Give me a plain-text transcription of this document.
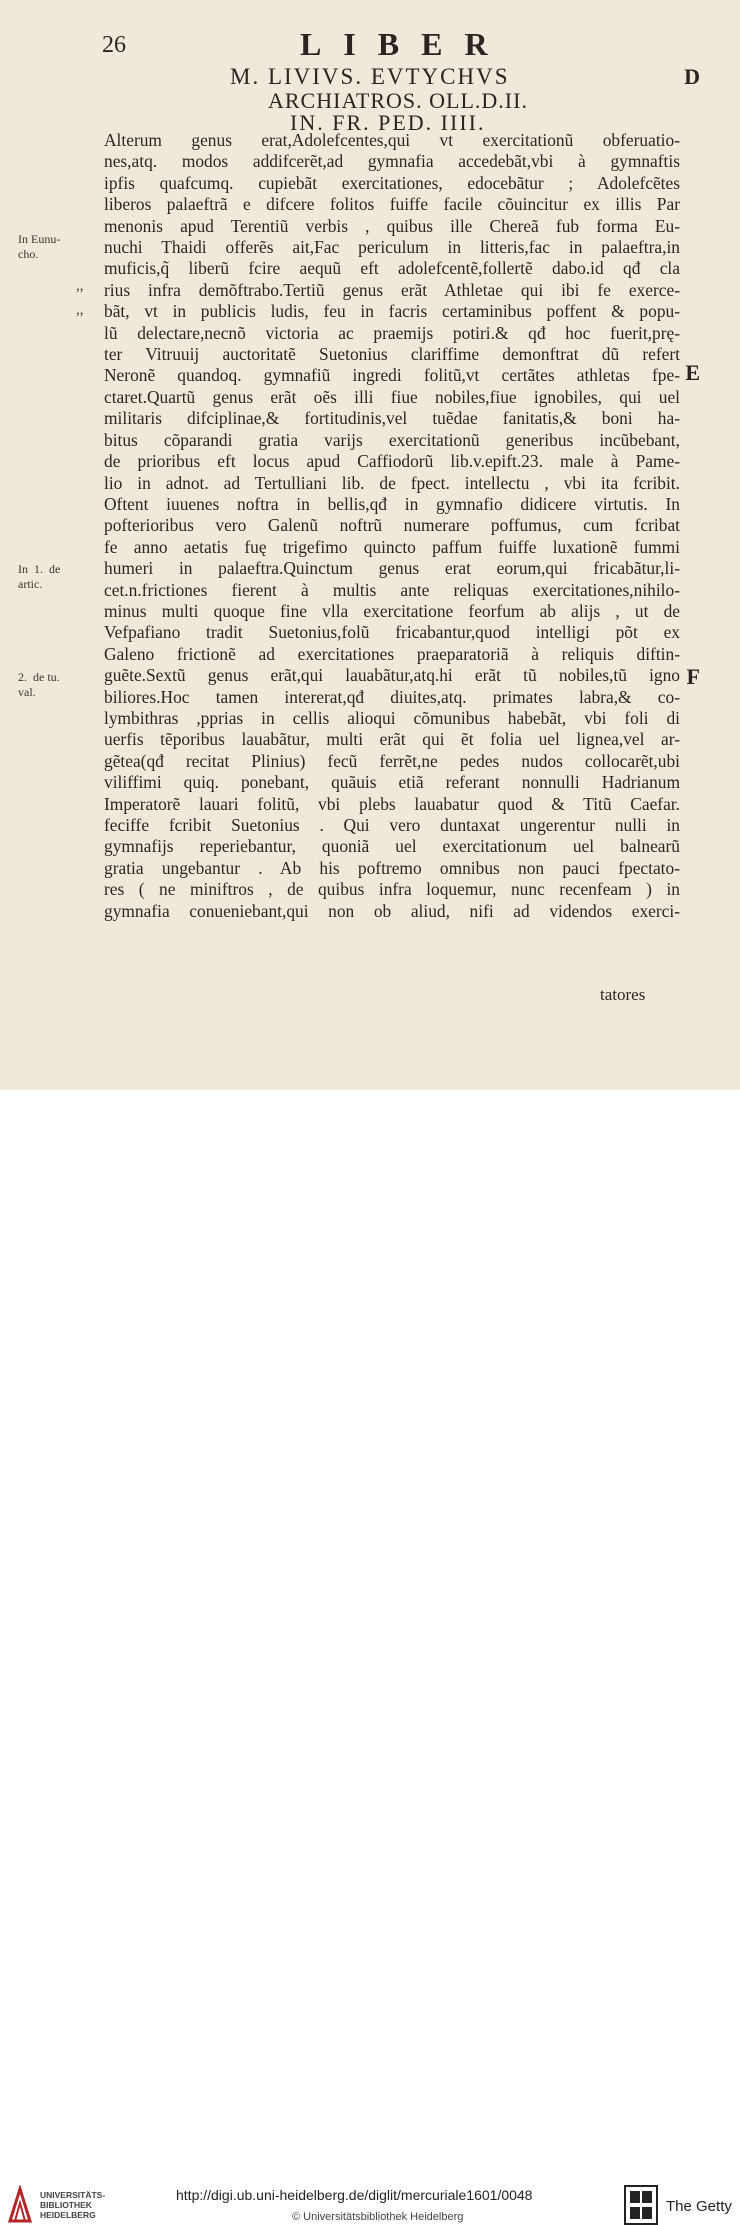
26	LIBER
M. LIVIVS. EVTYCHVS
ARCHIATROS. OLL.D.II.
IN. FR. PED. IIII.
D
E
F
In Eunu-
cho.
In  1.  de
artic.
2.  de tu.
val.
,,
,,
Alterum genus erat,Adolefcentes,qui vt exercitationũ obferuatio-
nes,atq. modos addifcerẽt,ad gymnafia accedebãt,vbi à gymnaftis
ipfis quafcumq. cupiebãt exercitationes, edocebãtur ; Adolefcẽtes
liberos palaeftrã e difcere folitos fuiffe facile cõuincitur ex illis Par
menonis apud Terentiũ verbis , quibus ille Chereã fub forma Eu-
nuchi Thaidi offerẽs ait,Fac periculum in litteris,fac in palaeftra,in
muficis,q̃ liberũ fcire aequũ eft adolefcentẽ,follertẽ dabo.id qđ cla
rius infra demõftrabo.Tertiũ genus erãt Athletae qui ibi fe exerce-
bãt, vt in publicis ludis, feu in facris certaminibus poffent & popu-
lũ delectare,necnõ victoria ac praemijs potiri.& qđ hoc fuerit,prę-
ter Vitruuij auctoritatẽ Suetonius clariffime demonftrat dũ refert
Neronẽ quandoq. gymnafiũ ingredi folitũ,vt certãtes athletas fpe-
ctaret.Quartũ genus erãt oẽs illi fiue nobiles,fiue ignobiles, qui uel
militaris difciplinae,& fortitudinis,vel tuẽdae fanitatis,& boni ha-
bitus cõparandi gratia varijs exercitationũ generibus incũbebant,
de prioribus eft locus apud Caffiodorũ lib.v.epift.23. male à Pame-
lio in adnot. ad Tertulliani lib. de fpect. intellectu , vbi ita fcribit.
Oftent iuuenes noftra in bellis,qđ in gymnafio didicere virtutis. In
pofterioribus vero Galenũ noftrũ numerare poffumus, cum fcribat
fe anno aetatis fuę trigefimo quincto paffum fuiffe luxationẽ fummi
humeri in palaeftra.Quinctum genus erat eorum,qui fricabãtur,li-
cet.n.frictiones fierent à multis ante reliquas exercitationes,nihilo-
minus multi quoque fine vlla exercitatione feorfum ab alijs , ut de
Vefpafiano tradit Suetonius,folũ fricabantur,quod intelligi põt ex
Galeno frictionẽ ad exercitationes praeparatoriã à reliquis diftin-
guẽte.Sextũ genus erãt,qui lauabãtur,atq.hi erãt tũ nobiles,tũ igno
biliores.Hoc tamen intererat,qđ diuites,atq. primates labra,& co-
lymbithras ,pprias in cellis alioqui cõmunibus habebãt, vbi foli di
uerfis tẽporibus lauabãtur, multi erãt qui ẽt folia uel lignea,vel ar-
gẽtea(qđ recitat Plinius) fecũ ferrẽt,ne pedes nudos collocarẽt,ubi
viliffimi quiq. ponebant, quãuis etiã referant nonnulli Hadrianum
Imperatorẽ lauari folitũ, vbi plebs lauabatur quod & Titũ Caefar.
feciffe fcribit Suetonius . Qui vero duntaxat ungerentur nulli in
gymnafijs reperiebantur, quoniã uel exercitationum uel balnearũ
gratia ungebantur . Ab his poftremo omnibus non pauci fpectato-
res ( ne miniftros , de quibus infra loquemur, nunc recenfeam ) in
gymnafia conueniebant,qui non ob aliud, nifi ad videndos exerci-
tatores
UNIVERSITÄTS-
BIBLIOTHEK
HEIDELBERG
http://digi.ub.uni-heidelberg.de/diglit/mercuriale1601/0048
© Universitätsbibliothek Heidelberg
The Getty
